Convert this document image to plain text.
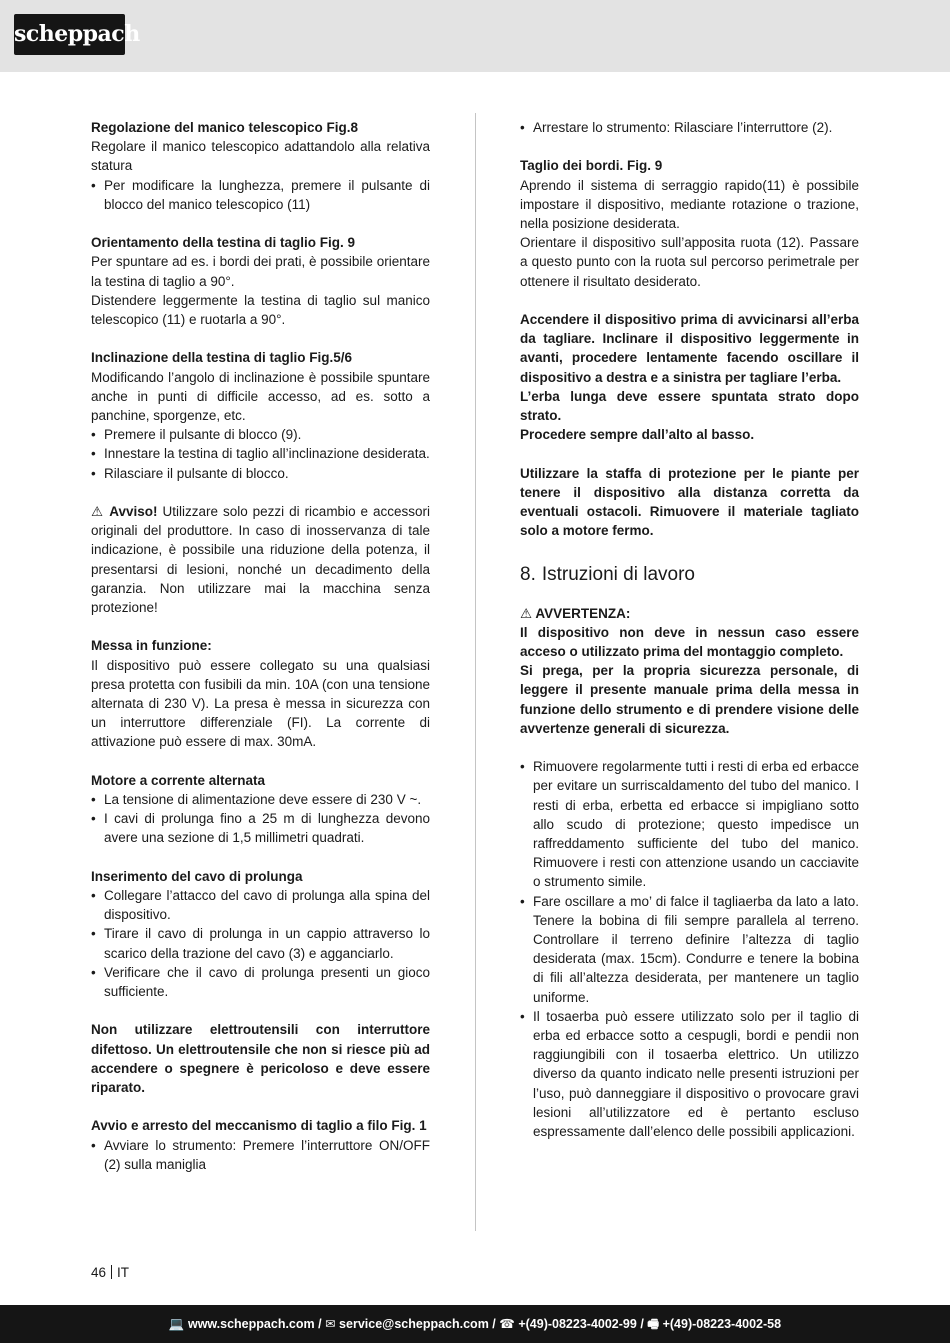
scheppach

Regolazione del manico telescopico Fig.8

Regolare il manico telescopico adattandolo alla relativa statura

• Per modificare la lunghezza, premere il pulsante di blocco del manico telescopico (11)

Orientamento della testina di taglio Fig. 9

Per spuntare ad es. i bordi dei prati, è possibile orientare la testina di taglio a 90°.

Distendere leggermente la testina di taglio sul manico telescopico (11) e ruotarla a 90°.

Inclinazione della testina di taglio Fig.5/6

Modificando l’angolo di inclinazione è possibile spuntare anche in punti di difficile accesso, ad es. sotto a panchine, sporgenze, etc.

• Premere il pulsante di blocco (9).
• Innestare la testina di taglio all’inclinazione desiderata.
• Rilasciare il pulsante di blocco.

⚠ Avviso! Utilizzare solo pezzi di ricambio e accessori originali del produttore. In caso di inosservanza di tale indicazione, è possibile una riduzione della potenza, il presentarsi di lesioni, nonché un decadimento della garanzia. Non utilizzare mai la macchina senza protezione!

Messa in funzione:

Il dispositivo può essere collegato su una qualsiasi presa protetta con fusibili da min. 10A (con una tensione alternata di 230 V). La presa è messa in sicurezza con un interruttore differenziale (FI). La corrente di attivazione può essere di max. 30mA.

Motore a corrente alternata

• La tensione di alimentazione deve essere di 230 V ~.
• I cavi di prolunga fino a 25 m di lunghezza devono avere una sezione di 1,5 millimetri quadrati.

Inserimento del cavo di prolunga

• Collegare l’attacco del cavo di prolunga alla spina del dispositivo.
• Tirare il cavo di prolunga in un cappio attraverso lo scarico della trazione del cavo (3) e agganciarlo.
• Verificare che il cavo di prolunga presenti un gioco sufficiente.

Non utilizzare elettroutensili con interruttore difettoso. Un elettroutensile che non si riesce più ad accendere o spegnere è pericoloso e deve essere riparato.

Avvio e arresto del meccanismo di taglio a filo Fig. 1

• Avviare lo strumento: Premere l’interruttore ON/OFF (2) sulla maniglia
• Arrestare lo strumento: Rilasciare l’interruttore (2).

Taglio dei bordi. Fig. 9

Aprendo il sistema di serraggio rapido(11) è possibile impostare il dispositivo, mediante rotazione o trazione, nella posizione desiderata.

Orientare il dispositivo sull’apposita ruota (12). Passare a questo punto con la ruota sul percorso perimetrale per ottenere il risultato desiderato.

Accendere il dispositivo prima di avvicinarsi all’erba da tagliare. Inclinare il dispositivo leggermente in avanti, procedere lentamente facendo oscillare il dispositivo a destra e a sinistra per tagliare l’erba.

L’erba lunga deve essere spuntata strato dopo strato.

Procedere sempre dall’alto al basso.

Utilizzare la staffa di protezione per le piante per tenere il dispositivo alla distanza corretta da eventuali ostacoli. Rimuovere il materiale tagliato solo a motore fermo.

8. Istruzioni di lavoro

⚠ AVVERTENZA:

Il dispositivo non deve in nessun caso essere acceso o utilizzato prima del montaggio completo.

Si prega, per la propria sicurezza personale, di leggere il presente manuale prima della messa in funzione dello strumento e di prendere visione delle avvertenze generali di sicurezza.

• Rimuovere regolarmente tutti i resti di erba ed erbacce per evitare un surriscaldamento del tubo del manico. I resti di erba, erbetta ed erbacce si impigliano sotto allo scudo di protezione; questo impedisce un raffreddamento sufficiente del tubo del manico. Rimuovere i resti con attenzione usando un cacciavite o strumento simile.
• Fare oscillare a mo’ di falce il tagliaerba da lato a lato. Tenere la bobina di fili sempre parallela al terreno. Controllare il terreno definire l’altezza di taglio desiderata (max. 15cm). Condurre e tenere la bobina di fili all’altezza desiderata, per mantenere un taglio uniforme.
• Il tosaerba può essere utilizzato solo per il taglio di erba ed erbacce sotto a cespugli, bordi e pendii non raggiungibili con il tosaerba elettrico. Un utilizzo diverso da quanto indicato nelle presenti istruzioni per l’uso, può danneggiare il dispositivo o provocare gravi lesioni all’utilizzatore ed è pertanto escluso espressamente dall’elenco delle possibili applicazioni.
46 IT
💻 www.scheppach.com / ✉ service@scheppach.com / ☎ +(49)-08223-4002-99 / 🖷 +(49)-08223-4002-58
